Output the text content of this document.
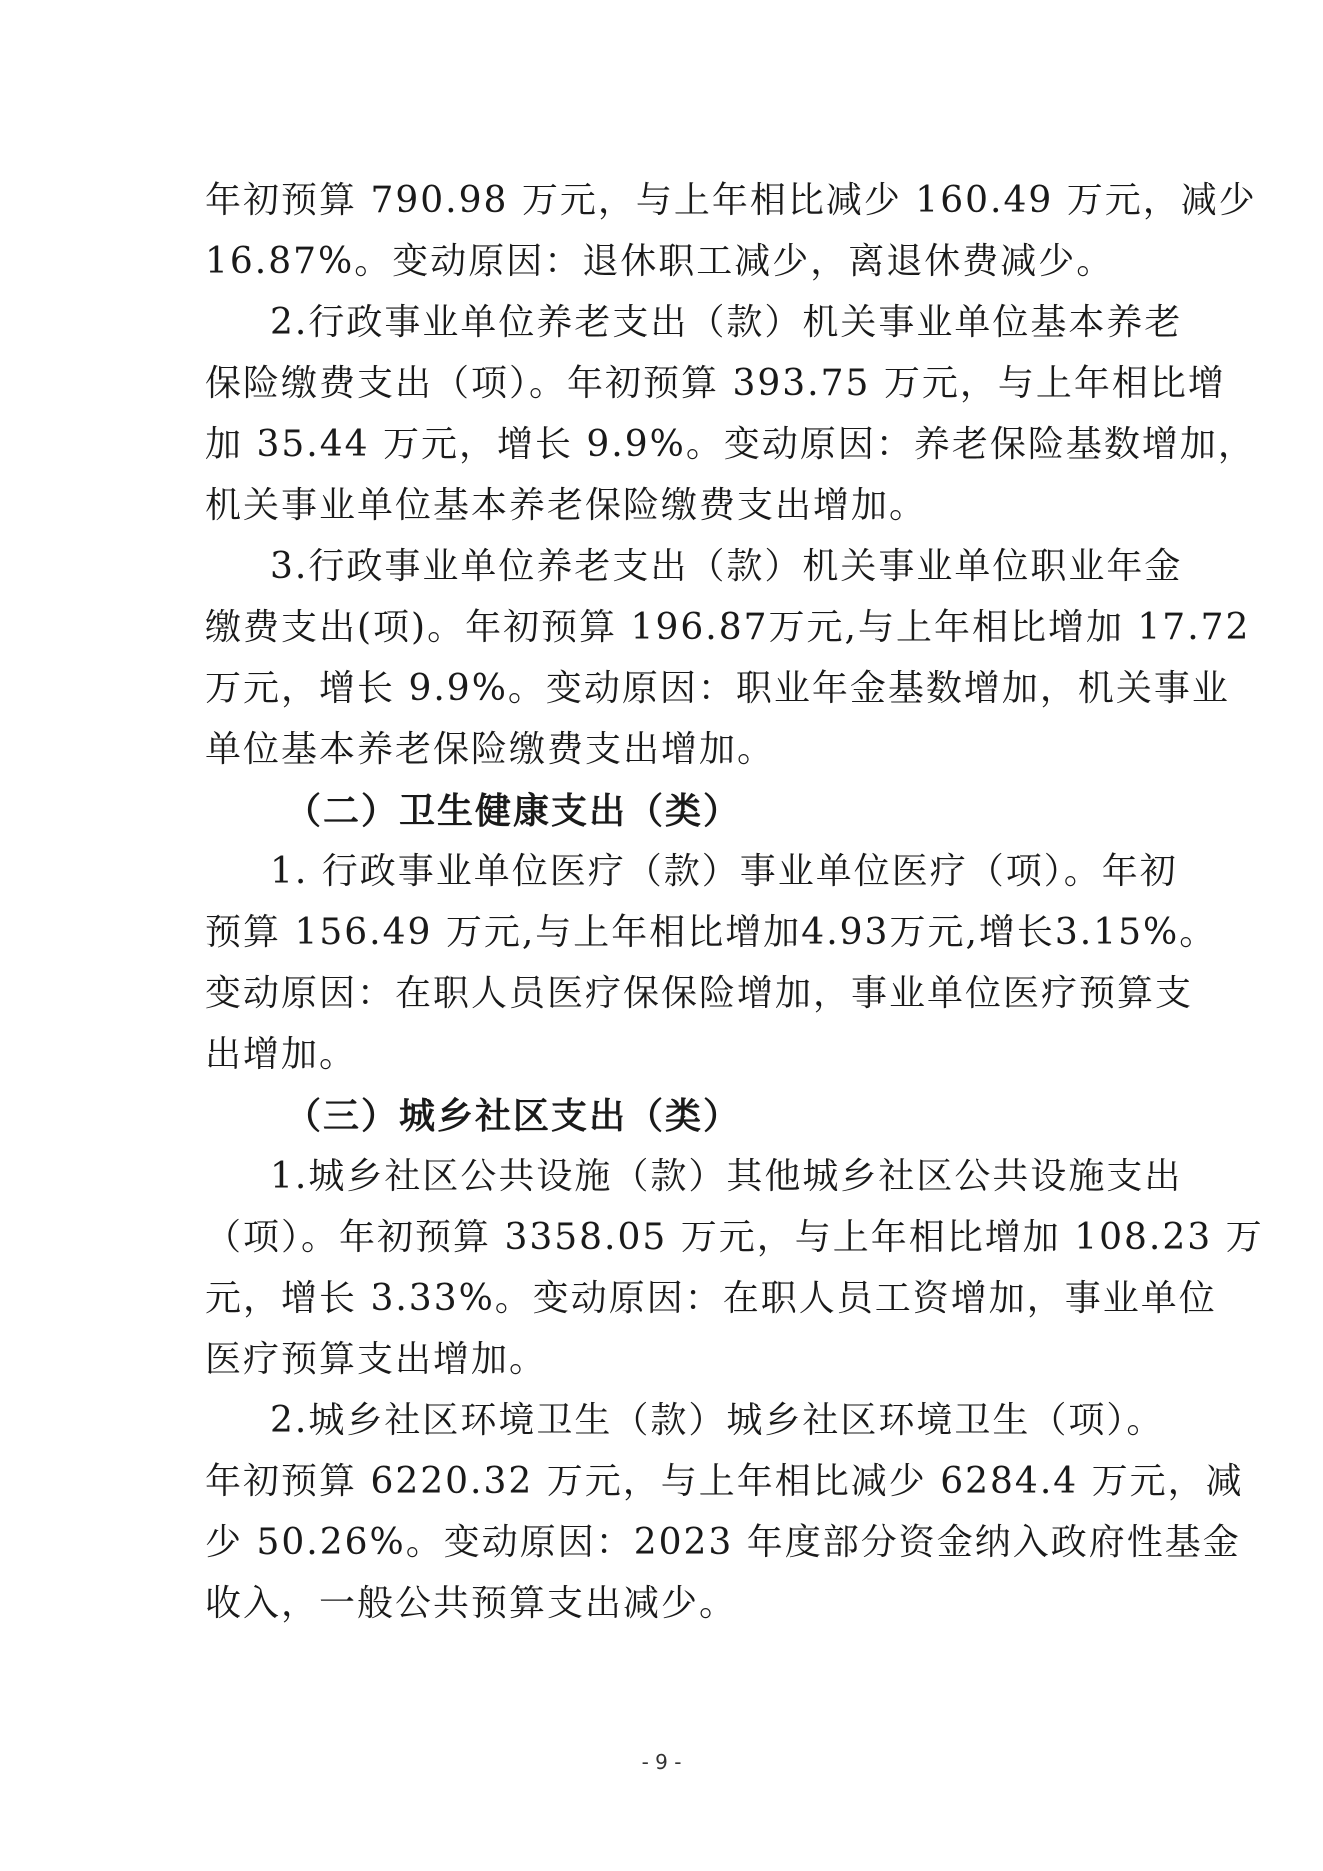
年初预算 790.98 万元，与上年相比减少 160.49 万元，减少
16.87%。变动原因：退休职工减少，离退休费减少。
2.行政事业单位养老支出（款）机关事业单位基本养老
保险缴费支出（项）。年初预算 393.75 万元，与上年相比增
加 35.44 万元，增长 9.9%。变动原因：养老保险基数增加，
机关事业单位基本养老保险缴费支出增加。
3.行政事业单位养老支出（款）机关事业单位职业年金
缴费支出(项)。年初预算 196.87万元,与上年相比增加 17.72
万元，增长 9.9%。变动原因：职业年金基数增加，机关事业
单位基本养老保险缴费支出增加。
（二）卫生健康支出（类）
1. 行政事业单位医疗（款）事业单位医疗（项）。年初
预算 156.49 万元,与上年相比增加4.93万元,增长3.15%。
变动原因：在职人员医疗保保险增加，事业单位医疗预算支
出增加。
（三）城乡社区支出（类）
1.城乡社区公共设施（款）其他城乡社区公共设施支出
（项）。年初预算 3358.05 万元，与上年相比增加 108.23 万
元，增长 3.33%。变动原因：在职人员工资增加，事业单位
医疗预算支出增加。
2.城乡社区环境卫生（款）城乡社区环境卫生（项）。
年初预算 6220.32 万元，与上年相比减少 6284.4 万元，减
少 50.26%。变动原因：2023 年度部分资金纳入政府性基金
收入，一般公共预算支出减少。
- 9 -
